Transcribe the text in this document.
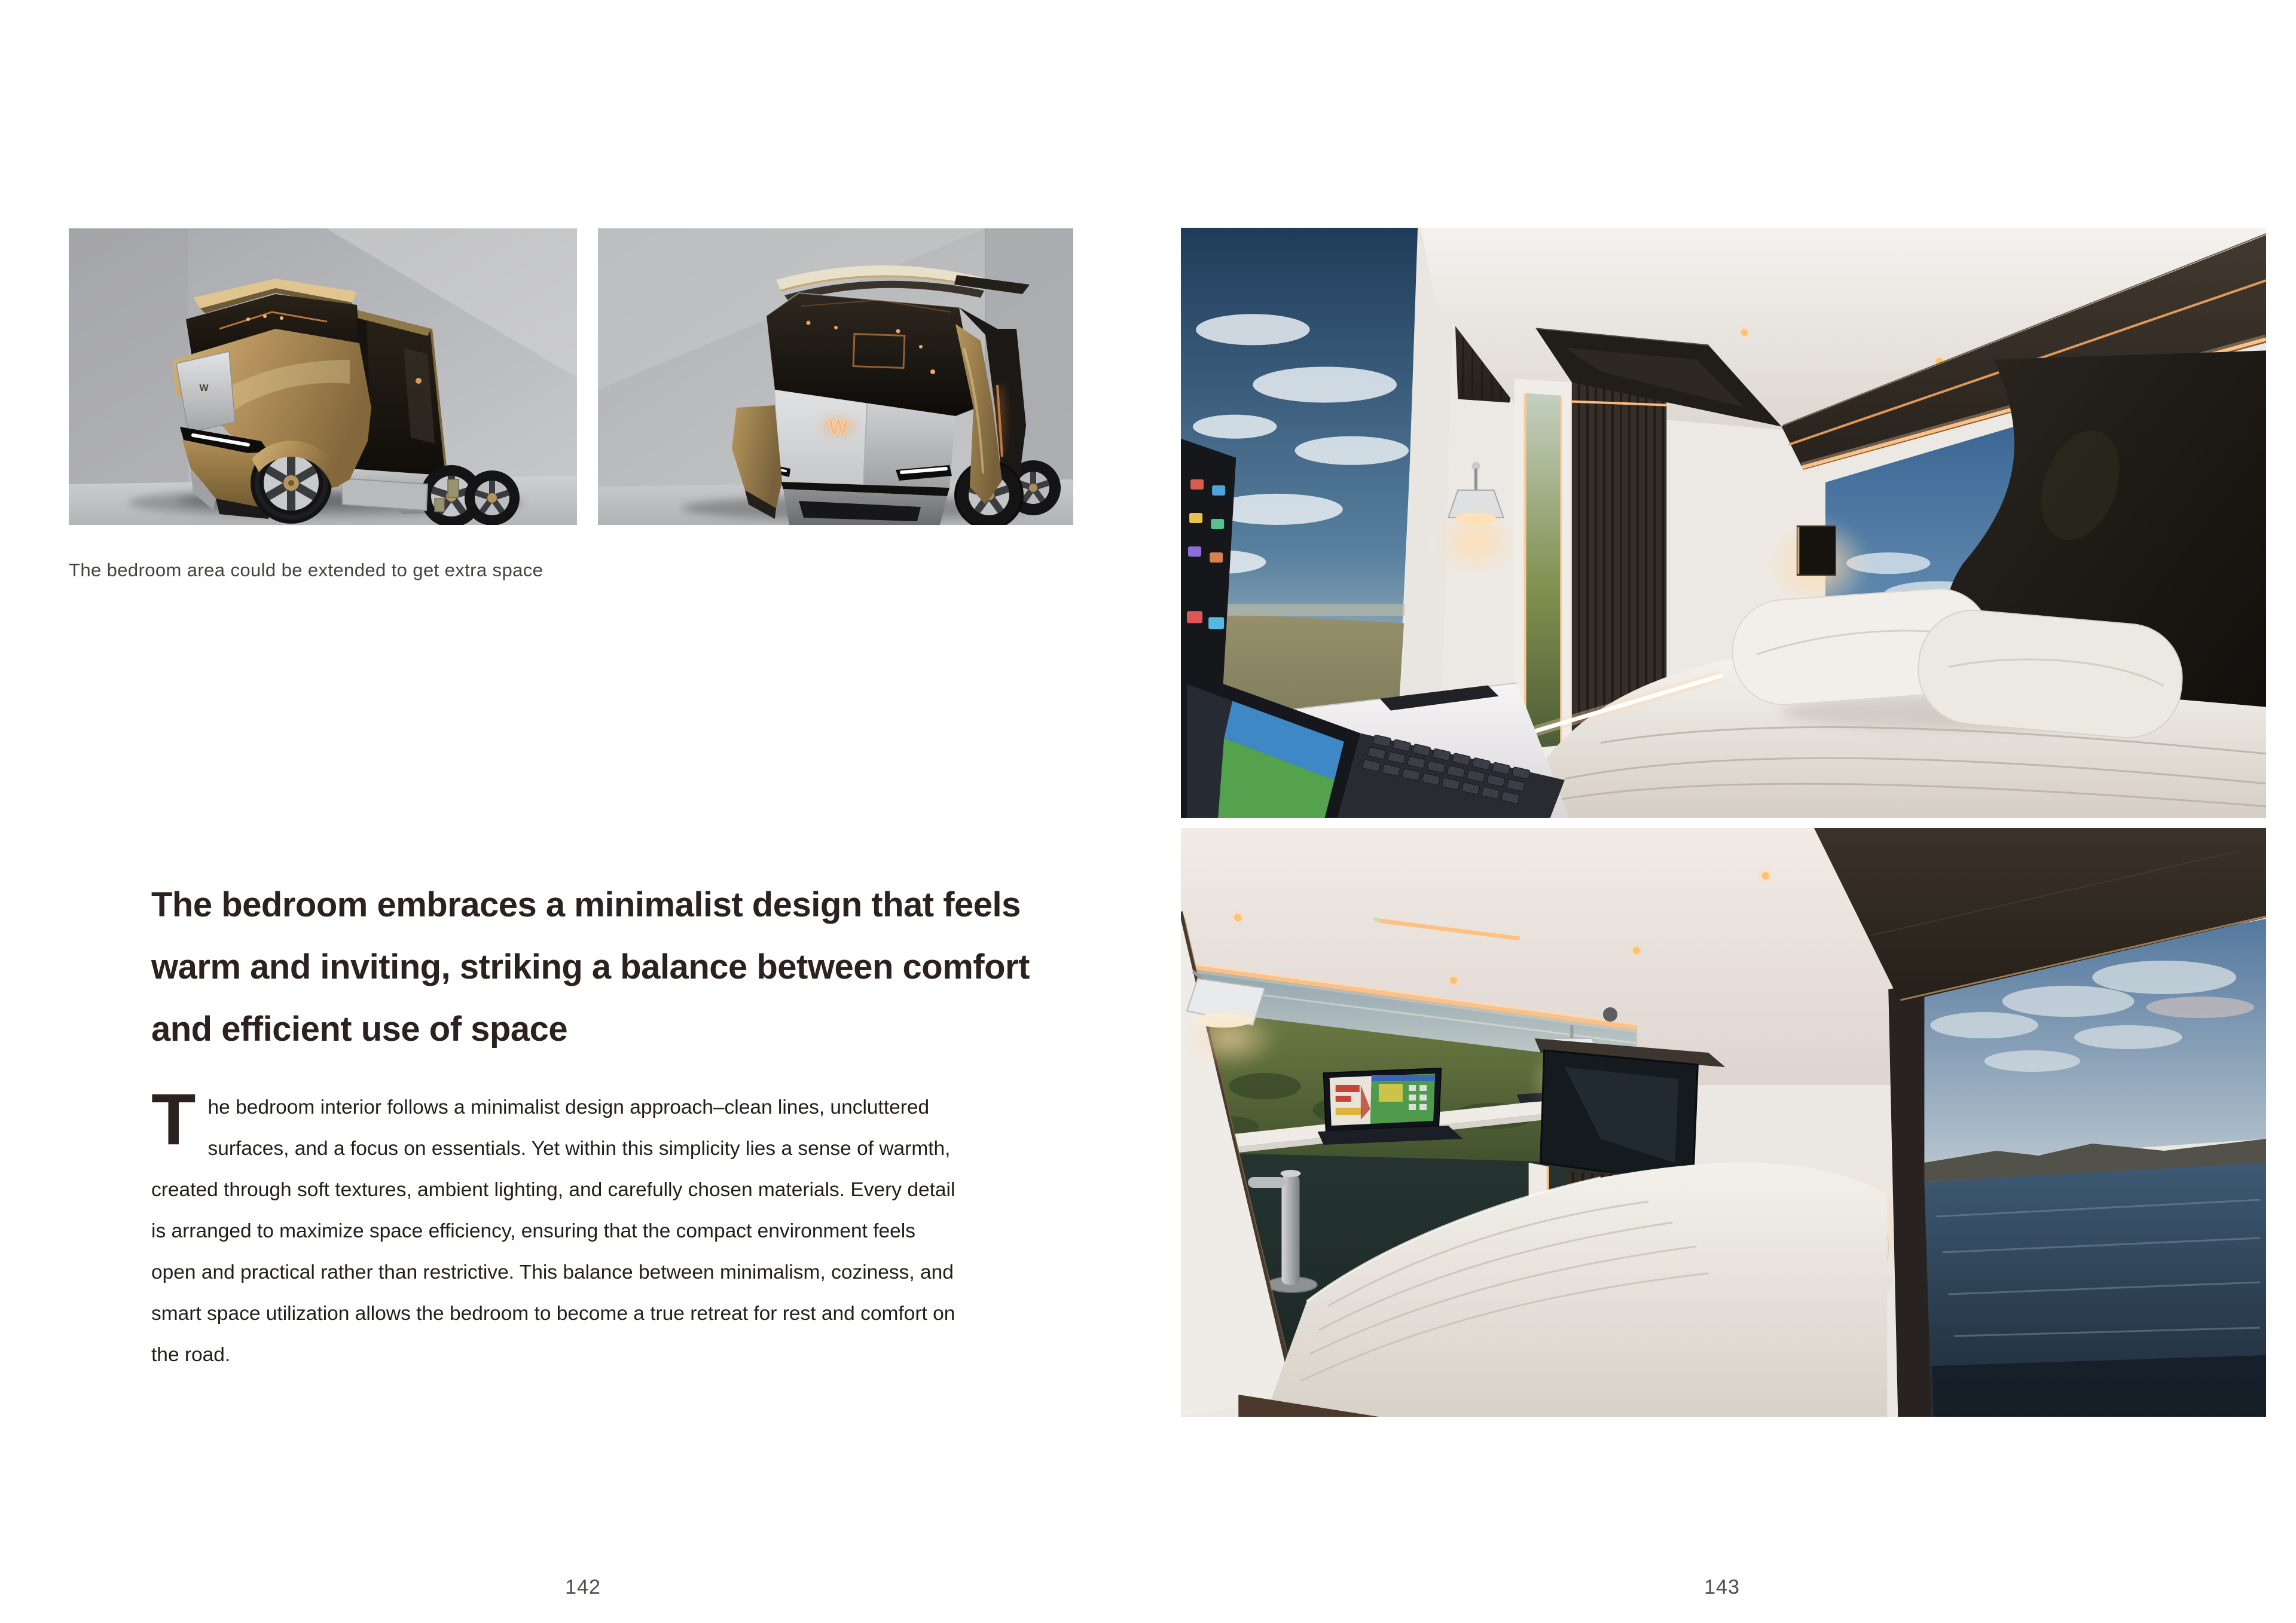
W
W

The bedroom area could be extended to get extra space

The bedroom embraces a minimalist design that feels
warm and inviting, striking a balance between comfort
and efficient use of space
The bedroom interior follows a minimalist design approach–clean lines, uncluttered surfaces, and a focus on essentials. Yet within this simplicity lies a sense of warmth, created through soft textures, ambient lighting, and carefully chosen materials. Every detail is arranged to maximize space efficiency, ensuring that the compact environment feels open and practical rather than restrictive. This balance between minimalism, coziness, and smart space utilization allows the bedroom to become a true retreat for rest and comfort on the road.
142	143
